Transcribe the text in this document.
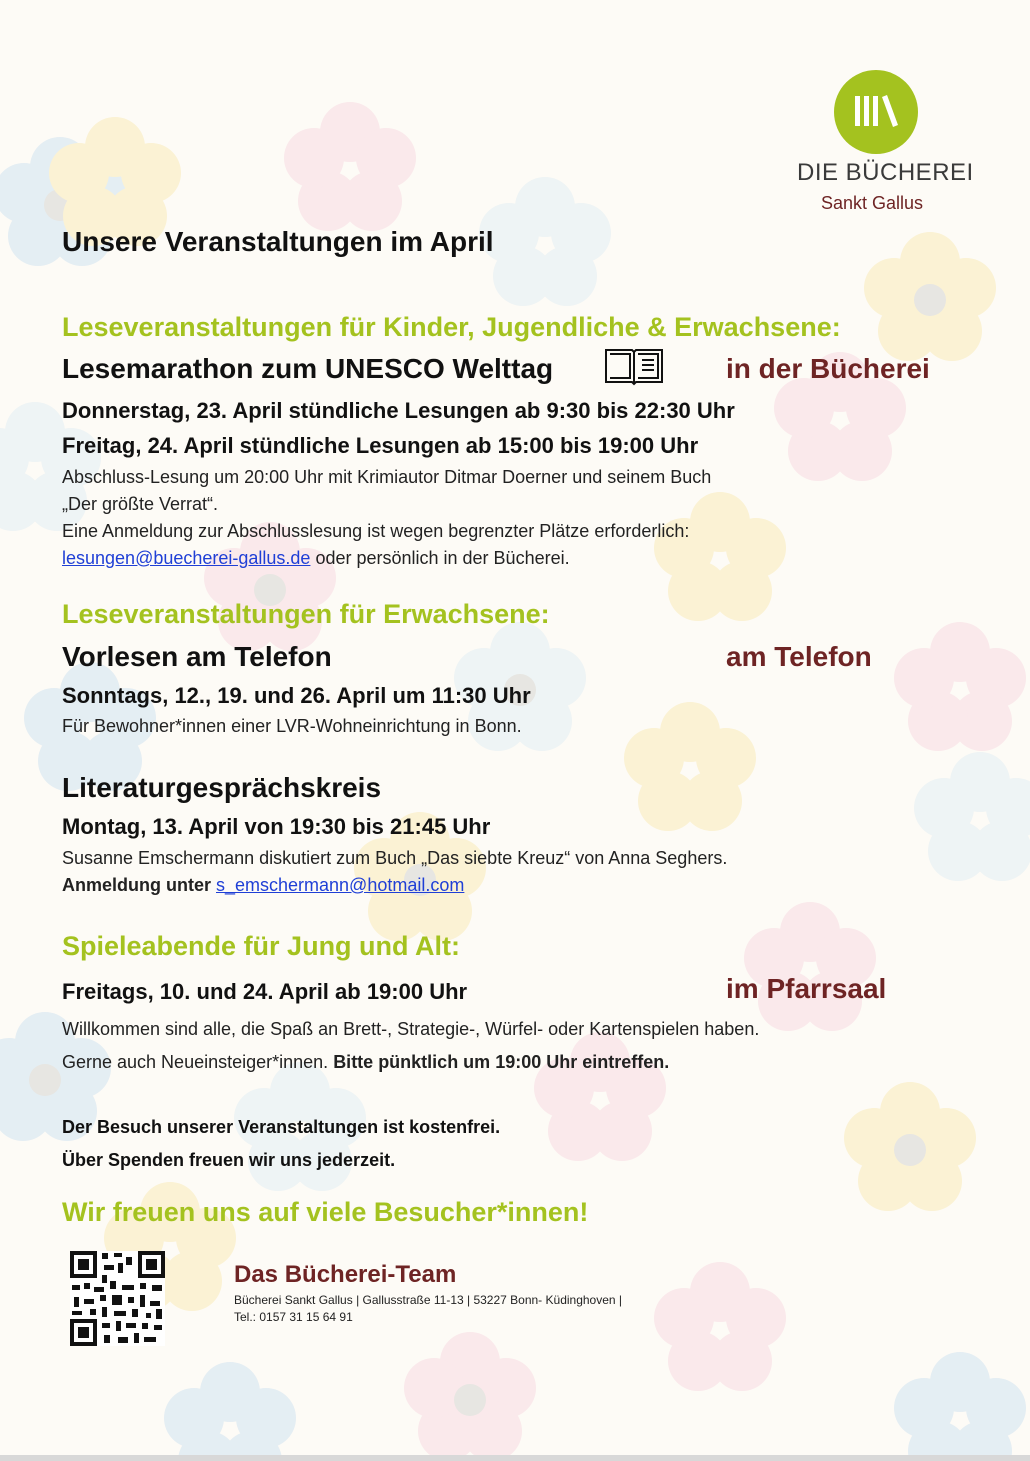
DIE BÜCHEREI
Sankt Gallus
Unsere Veranstaltungen im April
Leseveranstaltungen für Kinder, Jugendliche & Erwachsene:
Lesemarathon zum UNESCO Welttag	in der Bücherei
Donnerstag, 23. April stündliche Lesungen ab 9:30 bis 22:30 Uhr
Freitag, 24. April stündliche Lesungen ab 15:00 bis 19:00 Uhr
Abschluss-Lesung um 20:00 Uhr mit Krimiautor Ditmar Doerner und seinem Buch
„Der größte Verrat“.
Eine Anmeldung zur Abschlusslesung ist wegen begrenzter Plätze erforderlich:
lesungen@buecherei-gallus.de oder persönlich in der Bücherei.
Leseveranstaltungen für Erwachsene:
Vorlesen am Telefon	am Telefon
Sonntags, 12., 19. und 26. April um 11:30 Uhr
Für Bewohner*innen einer LVR-Wohneinrichtung in Bonn.
Literaturgesprächskreis
Montag, 13. April von 19:30 bis 21:45 Uhr
Susanne Emschermann diskutiert zum Buch „Das siebte Kreuz“ von Anna Seghers.
Anmeldung unter s_emschermann@hotmail.com
Spieleabende für Jung und Alt:
Freitags, 10. und 24. April ab 19:00 Uhr	im Pfarrsaal
Willkommen sind alle, die Spaß an Brett-, Strategie-, Würfel- oder Kartenspielen haben.
Gerne auch Neueinsteiger*innen. Bitte pünktlich um 19:00 Uhr eintreffen.
Der Besuch unserer Veranstaltungen ist kostenfrei.
Über Spenden freuen wir uns jederzeit.
Wir freuen uns auf viele Besucher*innen!
Das Bücherei-Team
Bücherei Sankt Gallus | Gallusstraße 11-13 | 53227 Bonn- Küdinghoven |
Tel.: 0157 31 15 64 91
